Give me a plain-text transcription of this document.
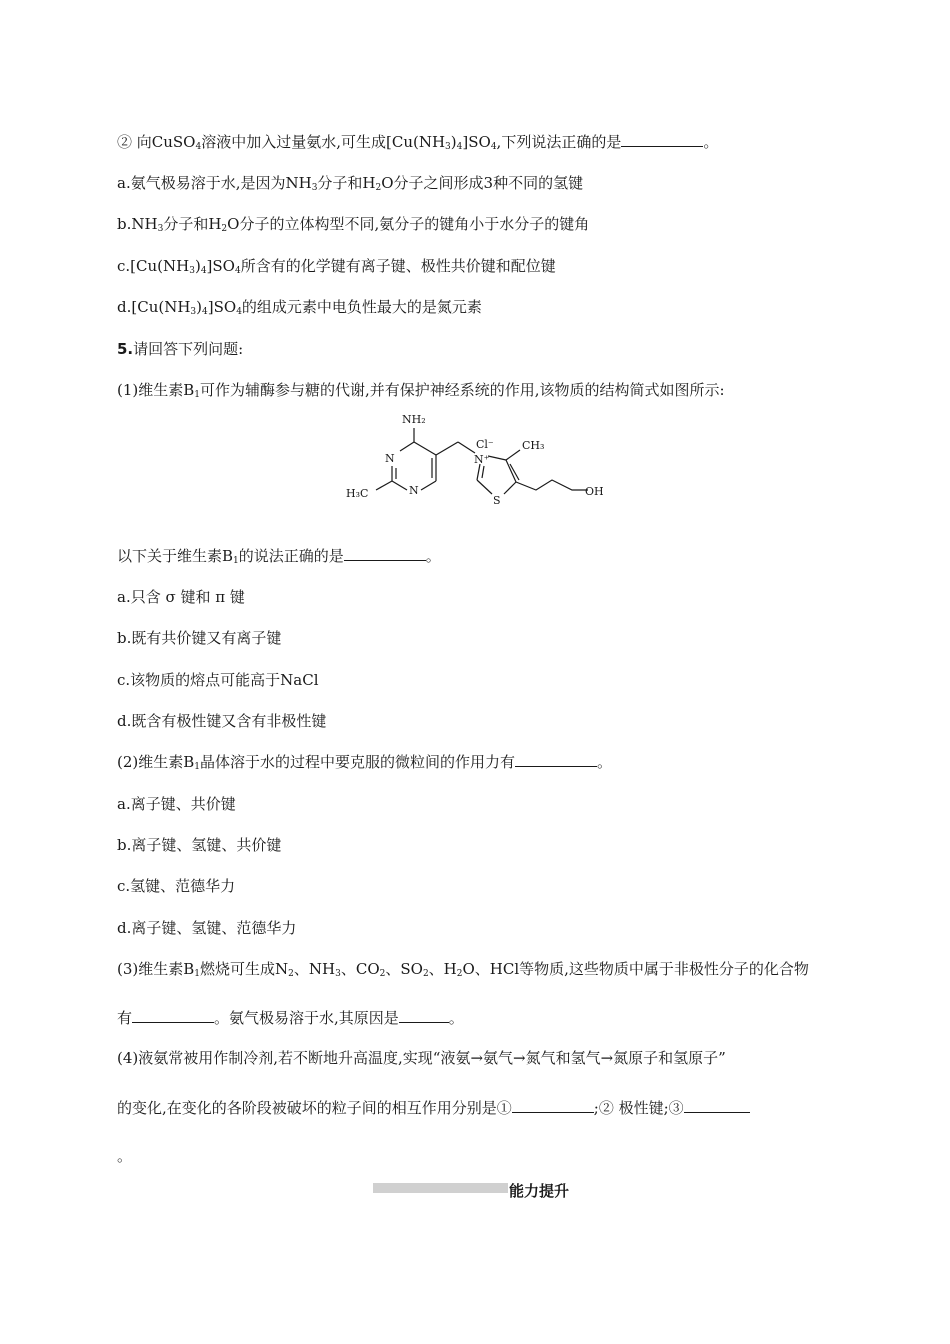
② 向CuSO$_4$溶液中加入过量氨水,可生成$[Cu(NH_3)_4]SO_4$,下列说法正确的是	。
a.氨气极易溶于水,是因为$NH_3$分子和$H_2O$分子之间形成3种不同的氢键
$b.NH_3$分子和$H_2O$分子的立体构型不同,氨分子的键角小于水分子的键角
$c.[Cu(NH_3)_4]SO_4$所含有的化学键有离子键、极性共价键和配位键
$d.[Cu(NH_3)_4]SO_4$的组成元素中电负性最大的是氮元素
5.请回答下列问题:
(1)维生素$B_1$可作为辅酶参与糖的代谢,并有保护神经系统的作用,该物质的结构简式如图所示:
NH₂
N
N
H₃C
Cl⁻
N⁺
CH₃
S
OH
以下关于维生素$B_1$的说法正确的是	。
a.只含 σ 键和 π 键
b.既有共价键又有离子键
c.该物质的熔点可能高于NaCl
d.既含有极性键又含有非极性键
(2)维生素$B_1$晶体溶于水的过程中要克服的微粒间的作用力有	。
a.离子键、共价键
b.离子键、氢键、共价键
c.氢键、范德华力
d.离子键、氢键、范德华力
(3)维生素$B_1$燃烧可生成$N_2$、$NH_3$、$CO_2$、$SO_2$、$H_2O$、HCl等物质,这些物质中属于非极性分子的化合物
有	。氨气极易溶于水,其原因是	。
(4)液氨常被用作制冷剂,若不断地升高温度,实现“液氨→氨气→氮气和氢气→氮原子和氢原子”
的变化,在变化的各阶段被破坏的粒子间的相互作用分别是①	;② 极性键;③
。
能力提升
